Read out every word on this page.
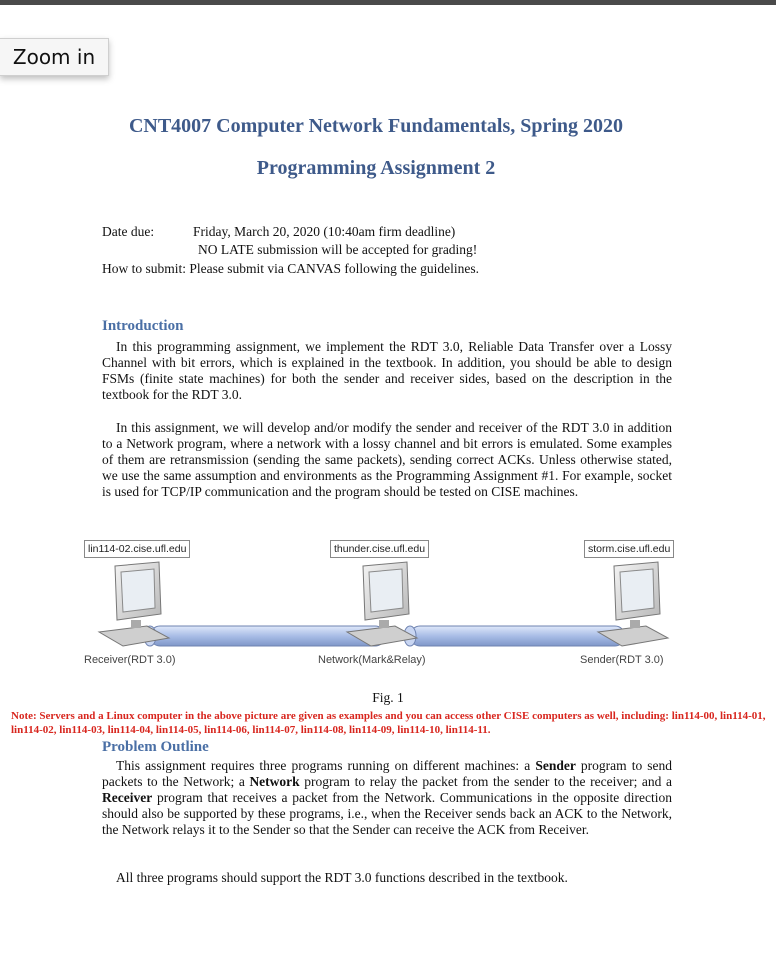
Zoom in
CNT4007 Computer Network Fundamentals, Spring 2020
Programming Assignment 2
Date due:	Friday, March 20, 2020 (10:40am firm deadline)
NO LATE submission will be accepted for grading!
How to submit: Please submit via CANVAS following the guidelines.
Introduction
In this programming assignment, we implement the RDT 3.0, Reliable Data Transfer over a Lossy Channel with bit errors, which is explained in the textbook. In addition, you should be able to design FSMs (finite state machines) for both the sender and receiver sides, based on the description in the textbook for the RDT 3.0.
In this assignment, we will develop and/or modify the sender and receiver of the RDT 3.0 in addition to a Network program, where a network with a lossy channel and bit errors is emulated. Some examples of them are retransmission (sending the same packets), sending correct ACKs. Unless otherwise stated, we use the same assumption and environments as the Programming Assignment #1. For example, socket is used for TCP/IP communication and the program should be tested on CISE machines.
lin114-02.cise.ufl.edu	thunder.cise.ufl.edu	storm.cise.ufl.edu
Receiver(RDT 3.0)	Network(Mark&Relay)	Sender(RDT 3.0)
Fig. 1
Note: Servers and a Linux computer in the above picture are given as examples and you can access other CISE computers as well, including: lin114-00, lin114-01, lin114-02, lin114-03, lin114-04, lin114-05, lin114-06, lin114-07, lin114-08, lin114-09, lin114-10, lin114-11.
Problem Outline
This assignment requires three programs running on different machines: a Sender program to send packets to the Network; a Network program to relay the packet from the sender to the receiver; and a Receiver program that receives a packet from the Network. Communications in the opposite direction should also be supported by these programs, i.e., when the Receiver sends back an ACK to the Network, the Network relays it to the Sender so that the Sender can receive the ACK from Receiver.
All three programs should support the RDT 3.0 functions described in the textbook.
